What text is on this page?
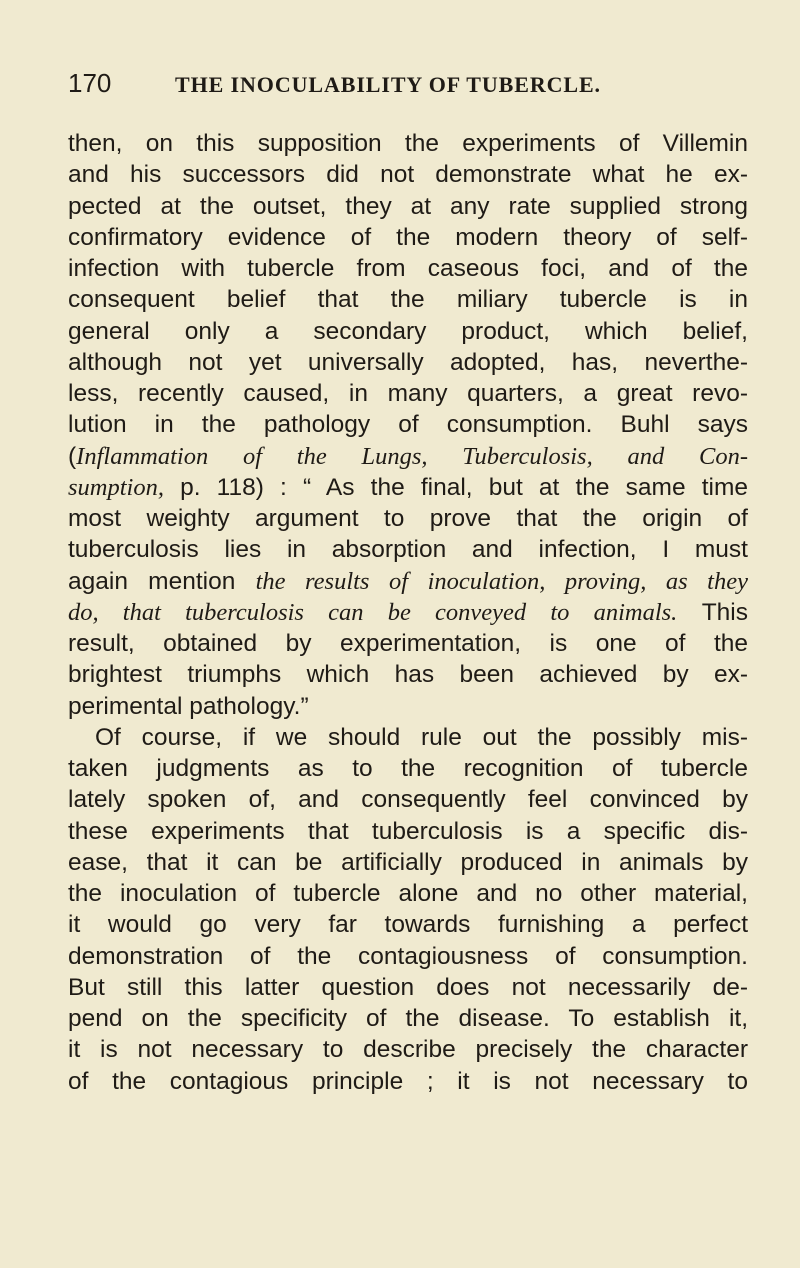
170	THE INOCULABILITY OF TUBERCLE.
then, on this supposition the experiments of Villemin
and his successors did not demonstrate what he ex-
pected at the outset, they at any rate supplied strong
confirmatory evidence of the modern theory of self-
infection with tubercle from caseous foci, and of the
consequent belief that the miliary tubercle is in
general only a secondary product, which belief,
although not yet universally adopted, has, neverthe-
less, recently caused, in many quarters, a great revo-
lution in the pathology of consumption. Buhl says
(Inflammation of the Lungs, Tuberculosis, and Con-
sumption, p. 118) : “ As the final, but at the same time
most weighty argument to prove that the origin of
tuberculosis lies in absorption and infection, I must
again mention the results of inoculation, proving, as they
do, that tuberculosis can be conveyed to animals. This
result, obtained by experimentation, is one of the
brightest triumphs which has been achieved by ex-
perimental pathology.”
Of course, if we should rule out the possibly mis-
taken judgments as to the recognition of tubercle
lately spoken of, and consequently feel convinced by
these experiments that tuberculosis is a specific dis-
ease, that it can be artificially produced in animals by
the inoculation of tubercle alone and no other material,
it would go very far towards furnishing a perfect
demonstration of the contagiousness of consumption.
But still this latter question does not necessarily de-
pend on the specificity of the disease. To establish it,
it is not necessary to describe precisely the character
of the contagious principle ; it is not necessary to
